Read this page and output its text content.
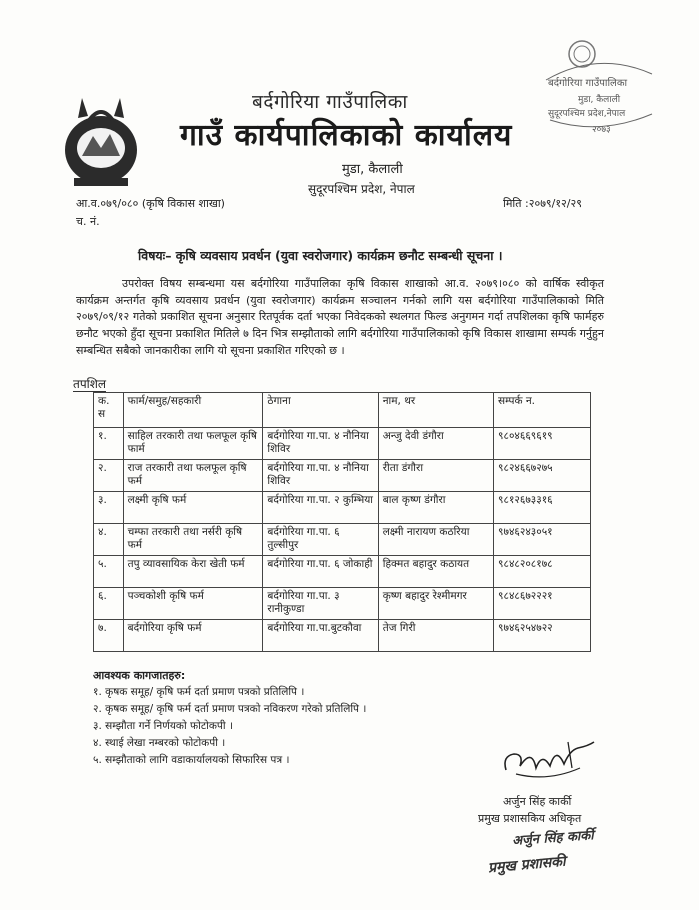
बर्दगोरिया गाउँपालिका
मुडा, कैलाली
सुदूरपश्चिम प्रदेश,नेपाल
२०७३
बर्दगोरिया गाउँपालिका
गाउँ कार्यपालिकाको कार्यालय
मुडा, कैलाली
सुदूरपश्चिम प्रदेश, नेपाल
आ.व.०७९/०८० (कृषि विकास शाखा)
च. नं.
मिति :२०७९/१२/२९
विषयः– कृषि व्यवसाय प्रवर्धन (युवा स्वरोजगार) कार्यक्रम छनौट सम्बन्धी सूचना ।
उपरोक्त विषय सम्बन्धमा यस बर्दगोरिया गाउँपालिका कृषि विकास शाखाको आ.व. २०७९।०८० को वार्षिक स्वीकृत कार्यक्रम अन्तर्गत कृषि व्यवसाय प्रवर्धन (युवा स्वरोजगार) कार्यक्रम सञ्चालन गर्नको लागि यस बर्दगोरिया गाउँपालिकाको मिति २०७९/०९/१२ गतेको प्रकाशित सूचना अनुसार रितपूर्वक दर्ता भएका निवेदकको स्थलगत फिल्ड अनुगमन गर्दा तपशिलका कृषि फार्महरु छनौट भएको हुँदा सूचना प्रकाशित मितिले ७ दिन भित्र सम्झौताको लागि बर्दगोरिया गाउँपालिकाको कृषि विकास शाखामा सम्पर्क गर्नुहुन सम्बन्धित सबैको जानकारीका लागि यो सूचना प्रकाशित गरिएको छ ।
तपशिल
क. स	फार्म/समुह/सहकारी	ठेगाना	नाम, थर	सम्पर्क न.
१.	साहिल तरकारी तथा फलफूल कृषि फार्म	बर्दगोरिया गा.पा. ४ नौनिया शिविर	अन्जु देवी डंगौरा	९८०४६६९६१९
२.	राज तरकारी तथा फलफूल कृषि फर्म	बर्दगोरिया गा.पा. ४ नौनिया शिविर	रीता डंगौरा	९८२४६६७२७५
३.	लक्ष्मी कृषि फर्म	बर्दगोरिया गा.पा. २ कुम्भिया	बाल कृष्ण डंगौरा	९८१२६७३३१६
४.	चम्फा तरकारी तथा नर्सरी कृषि फर्म	बर्दगोरिया गा.पा. ६ तुल्सीपुर	लक्ष्मी नारायण कठरिया	९७४६२४३०५१
५.	तपु व्यावसायिक केरा खेती फर्म	बर्दगोरिया गा.पा. ६ जोकाही	हिक्मत बहादुर कठायत	९८४८२०८१७८
६.	पञ्चकोशी कृषि फर्म	बर्दगोरिया गा.पा. ३ रानीकुण्डा	कृष्ण बहादुर रेश्मीमगर	९८४८६७२२२१
७.	बर्दगोरिया कृषि फर्म	बर्दगोरिया गा.पा.बुटकौवा	तेज गिरी	९७४६२५४७२२
आवश्यक कागजातहरु:
१. कृषक समूह/ कृषि फर्म दर्ता प्रमाण पत्रको प्रतिलिपि ।
२. कृषक समूह/ कृषि फर्म दर्ता प्रमाण पत्रको नविकरण गरेको प्रतिलिपि ।
३. सम्झौता गर्ने निर्णयको फोटोकपी ।
४. स्थाई लेखा नम्बरको फोटोकपी ।
५. सम्झौताको लागि वडाकार्यालयको सिफारिस पत्र ।
अर्जुन सिंह कार्की
प्रमुख प्रशासकिय अधिकृत
अर्जुन सिंह कार्की
प्रमुख प्रशासकी
